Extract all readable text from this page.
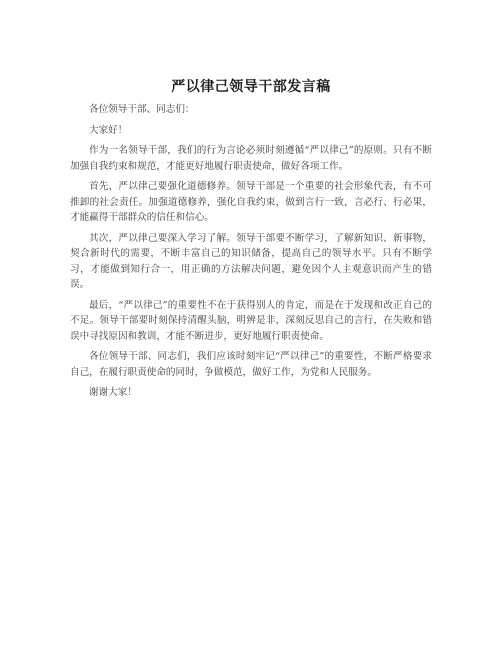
严以律己领导干部发言稿

各位领导干部、同志们：

大家好！

作为一名领导干部，我们的行为言论必须时刻遵循“严以律己”的原则。只有不断加强自我约束和规范，才能更好地履行职责使命，做好各项工作。

首先，严以律己要强化道德修养。领导干部是一个重要的社会形象代表，有不可推卸的社会责任。加强道德修养，强化自我约束，做到言行一致，言必行、行必果，才能赢得干部群众的信任和信心。

其次，严以律己要深入学习了解。领导干部要不断学习，了解新知识、新事物，契合新时代的需要，不断丰富自己的知识储备，提高自己的领导水平。只有不断学习，才能做到知行合一，用正确的方法解决问题，避免因个人主观意识而产生的错误。

最后，“严以律己”的重要性不在于获得别人的肯定，而是在于发现和改正自己的不足。领导干部要时刻保持清醒头脑，明辨是非，深刻反思自己的言行，在失败和错误中寻找原因和教训，才能不断进步，更好地履行职责使命。

各位领导干部、同志们，我们应该时刻牢记“严以律己”的重要性，不断严格要求自己，在履行职责使命的同时，争做模范，做好工作，为党和人民服务。

谢谢大家！
